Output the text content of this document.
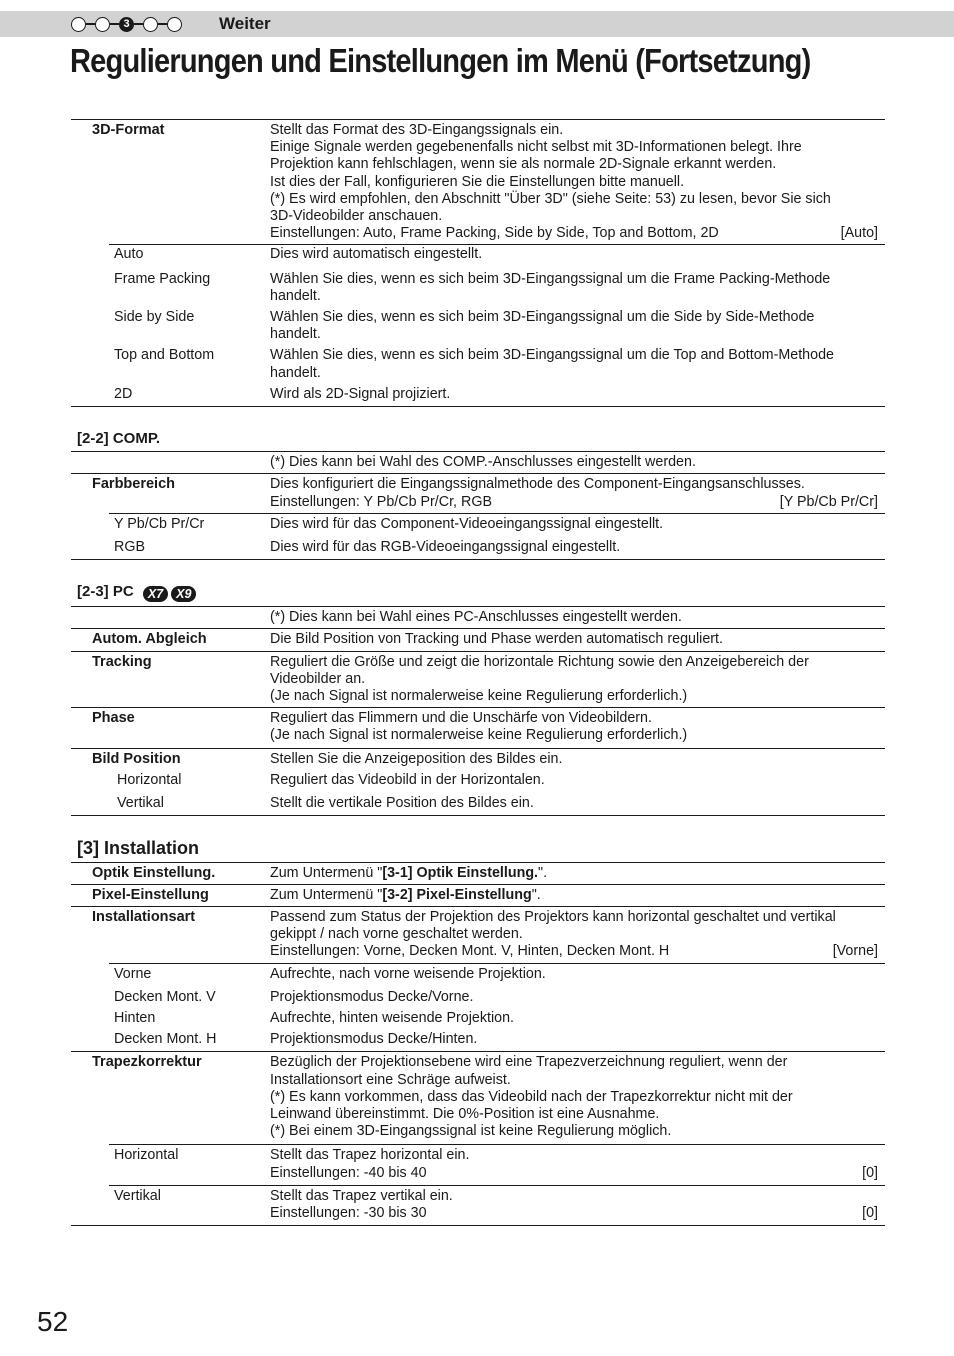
3	Weiter
Regulierungen und Einstellungen im Menü (Fortsetzung)
3D-Format	Stellt das Format des 3D-Eingangssignals ein.
Einige Signale werden gegebenenfalls nicht selbst mit 3D-Informationen belegt. Ihre
Projektion kann fehlschlagen, wenn sie als normale 2D-Signale erkannt werden.
Ist dies der Fall, konfigurieren Sie die Einstellungen bitte manuell.
(*) Es wird empfohlen, den Abschnitt "Über 3D" (siehe Seite: 53) zu lesen, bevor Sie sich
3D-Videobilder anschauen.
Einstellungen: Auto, Frame Packing, Side by Side, Top and Bottom, 2D	[Auto]
Auto	Dies wird automatisch eingestellt.
Frame Packing	Wählen Sie dies, wenn es sich beim 3D-Eingangssignal um die Frame Packing-Methode
handelt.
Side by Side	Wählen Sie dies, wenn es sich beim 3D-Eingangssignal um die Side by Side-Methode
handelt.
Top and Bottom	Wählen Sie dies, wenn es sich beim 3D-Eingangssignal um die Top and Bottom-Methode
handelt.
2D	Wird als 2D-Signal projiziert.
[2-2] COMP.
(*) Dies kann bei Wahl des COMP.-Anschlusses eingestellt werden.
Farbbereich	Dies konfiguriert die Eingangssignalmethode des Component-Eingangsanschlusses.
Einstellungen: Y Pb/Cb Pr/Cr, RGB	[Y Pb/Cb Pr/Cr]
Y Pb/Cb Pr/Cr	Dies wird für das Component-Videoeingangssignal eingestellt.
RGB	Dies wird für das RGB-Videoeingangssignal eingestellt.
[2-3] PC	X7	X9
(*) Dies kann bei Wahl eines PC-Anschlusses eingestellt werden.
Autom. Abgleich	Die Bild Position von Tracking und Phase werden automatisch reguliert.
Tracking	Reguliert die Größe und zeigt die horizontale Richtung sowie den Anzeigebereich der
Videobilder an.
(Je nach Signal ist normalerweise keine Regulierung erforderlich.)
Phase	Reguliert das Flimmern und die Unschärfe von Videobildern.
(Je nach Signal ist normalerweise keine Regulierung erforderlich.)
Bild Position	Stellen Sie die Anzeigeposition des Bildes ein.
Horizontal	Reguliert das Videobild in der Horizontalen.
Vertikal	Stellt die vertikale Position des Bildes ein.
[3] Installation
Optik Einstellung.	Zum Untermenü "[3-1] Optik Einstellung.".
Pixel-Einstellung	Zum Untermenü "[3-2] Pixel-Einstellung".
Installationsart	Passend zum Status der Projektion des Projektors kann horizontal geschaltet und vertikal
gekippt / nach vorne geschaltet werden.
Einstellungen: Vorne, Decken Mont. V, Hinten, Decken Mont. H	[Vorne]
Vorne	Aufrechte, nach vorne weisende Projektion.
Decken Mont. V	Projektionsmodus Decke/Vorne.
Hinten	Aufrechte, hinten weisende Projektion.
Decken Mont. H	Projektionsmodus Decke/Hinten.
Trapezkorrektur	Bezüglich der Projektionsebene wird eine Trapezverzeichnung reguliert, wenn der
Installationsort eine Schräge aufweist.
(*) Es kann vorkommen, dass das Videobild nach der Trapezkorrektur nicht mit der
Leinwand übereinstimmt. Die 0%-Position ist eine Ausnahme.
(*) Bei einem 3D-Eingangssignal ist keine Regulierung möglich.
Horizontal	Stellt das Trapez horizontal ein.
Einstellungen: -40 bis 40	[0]
Vertikal	Stellt das Trapez vertikal ein.
Einstellungen: -30 bis 30	[0]
52
